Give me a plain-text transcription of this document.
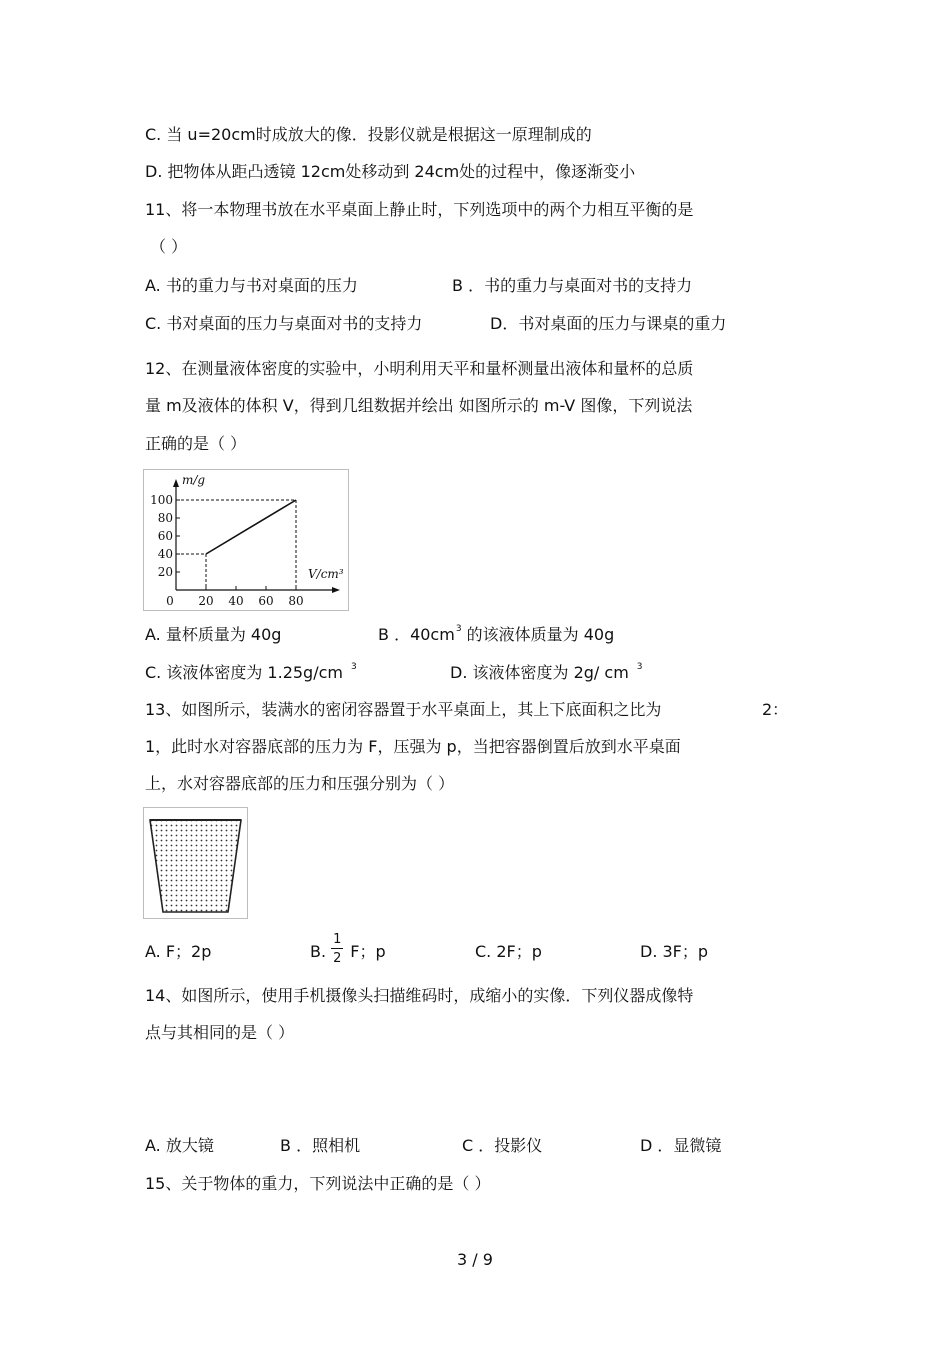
C. 当 u=20cm时成放大的像．投影仪就是根据这一原理制成的
D. 把物体从距凸透镜 12cm处移动到 24cm处的过程中，像逐渐变小
11、将一本物理书放在水平桌面上静止时，下列选项中的两个力相互平衡的是
（ ）
A. 书的重力与书对桌面的压力	B ．书的重力与桌面对书的支持力
C. 书对桌面的压力与桌面对书的支持力	D．书对桌面的压力与课桌的重力
12、在测量液体密度的实验中，小明利用天平和量杯测量出液体和量杯的总质
量 m及液体的体积 V，得到几组数据并绘出 如图所示的 m-V 图像，下列说法
正确的是（ ）
20
40
60
80
100
0 20 40 60 80
m/g
V/cm³
A. 量杯质量为 40g	B ．$40cm^3$ 的该液体质量为 40g
C. 该液体密度为 1.25g/cm $^3$	D. 该液体密度为 2g/ cm $^3$
13、如图所示，装满水的密闭容器置于水平桌面上，其上下底面积之比为	2：
1，此时水对容器底部的压力为 F，压强为 p，当把容器倒置后放到水平桌面
上，水对容器底部的压力和压强分别为（ ）
A. F；2p	B. $\frac{1}{2}$ F；p	C. 2F；p	D. 3F；p
14、如图所示，使用手机摄像头扫描维码时，成缩小的实像．下列仪器成像特
点与其相同的是（ ）
A. 放大镜	B ．照相机	C ．投影仪	D ．显微镜
15、关于物体的重力，下列说法中正确的是（ ）
3 / 9
